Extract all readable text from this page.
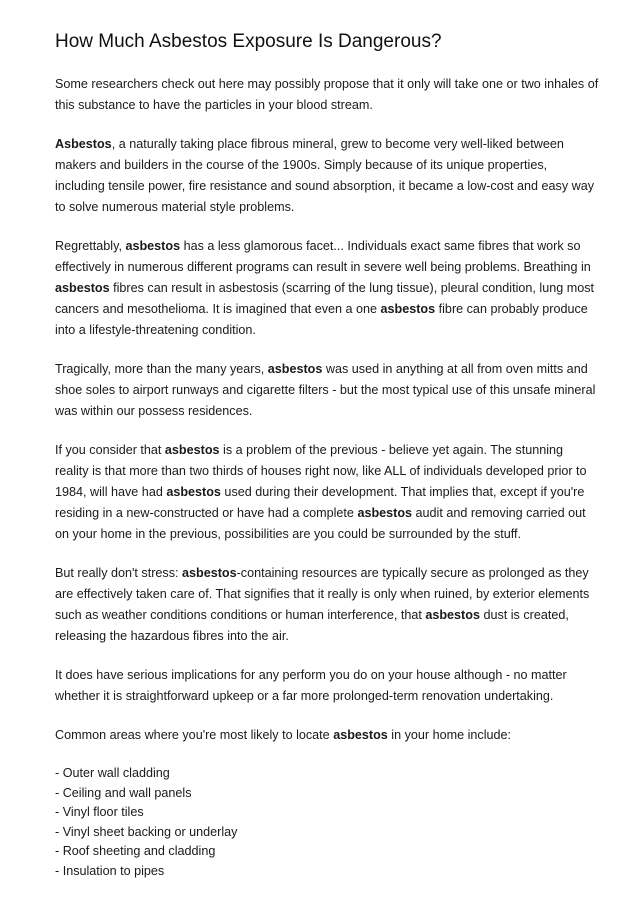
How Much Asbestos Exposure Is Dangerous?

Some researchers check out here may possibly propose that it only will take one or two inhales of this substance to have the particles in your blood stream.

Asbestos, a naturally taking place fibrous mineral, grew to become very well-liked between makers and builders in the course of the 1900s. Simply because of its unique properties, including tensile power, fire resistance and sound absorption, it became a low-cost and easy way to solve numerous material style problems.

Regrettably, asbestos has a less glamorous facet... Individuals exact same fibres that work so effectively in numerous different programs can result in severe well being problems. Breathing in asbestos fibres can result in asbestosis (scarring of the lung tissue), pleural condition, lung most cancers and mesothelioma. It is imagined that even a one asbestos fibre can probably produce into a lifestyle-threatening condition.

Tragically, more than the many years, asbestos was used in anything at all from oven mitts and shoe soles to airport runways and cigarette filters - but the most typical use of this unsafe mineral was within our possess residences.

If you consider that asbestos is a problem of the previous - believe yet again. The stunning reality is that more than two thirds of houses right now, like ALL of individuals developed prior to 1984, will have had asbestos used during their development. That implies that, except if you're residing in a new-constructed or have had a complete asbestos audit and removing carried out on your home in the previous, possibilities are you could be surrounded by the stuff.

But really don't stress: asbestos-containing resources are typically secure as prolonged as they are effectively taken care of. That signifies that it really is only when ruined, by exterior elements such as weather conditions conditions or human interference, that asbestos dust is created, releasing the hazardous fibres into the air.

It does have serious implications for any perform you do on your house although - no matter whether it is straightforward upkeep or a far more prolonged-term renovation undertaking.

Common areas where you're most likely to locate asbestos in your home include:

- Outer wall cladding
- Ceiling and wall panels
- Vinyl floor tiles
- Vinyl sheet backing or underlay
- Roof sheeting and cladding
- Insulation to pipes
